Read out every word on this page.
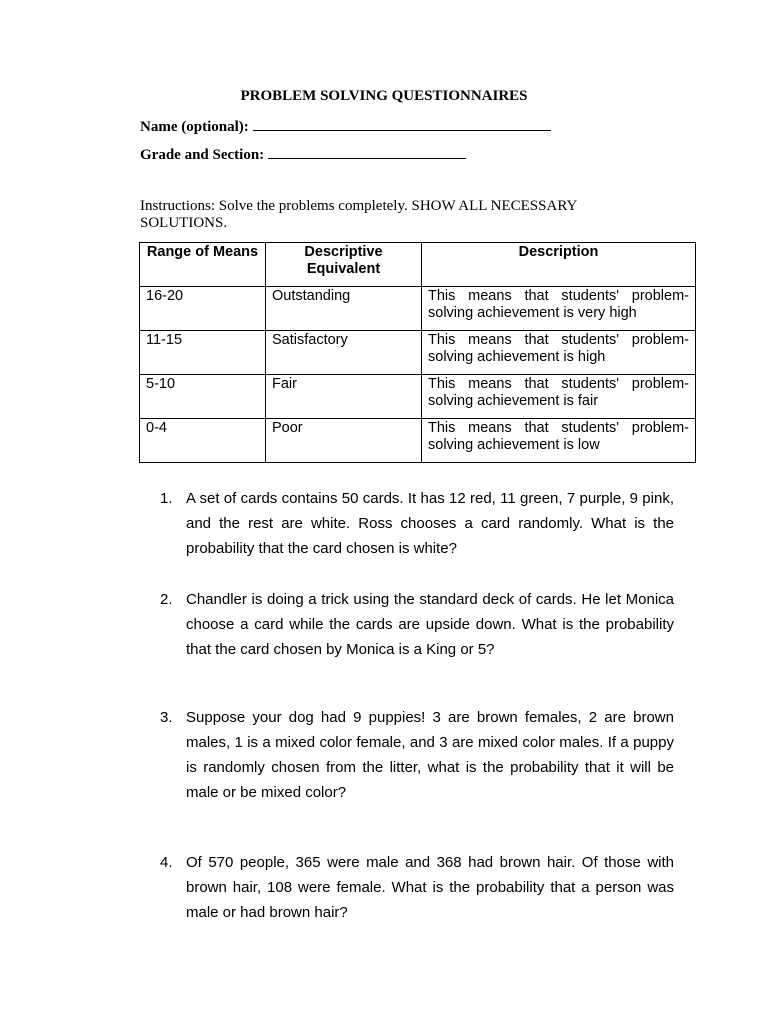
PROBLEM SOLVING QUESTIONNAIRES
Name (optional):
Grade and Section:
Instructions: Solve the problems completely. SHOW ALL NECESSARY SOLUTIONS.
Range of Means	Descriptive Equivalent	Description
16-20	Outstanding	This means that students' problem-solving achievement is very high
11-15	Satisfactory	This means that students' problem-solving achievement is high
5-10	Fair	This means that students' problem-solving achievement is fair
0-4	Poor	This means that students' problem-solving achievement is low
1. A set of cards contains 50 cards. It has 12 red, 11 green, 7 purple, 9 pink, and the rest are white. Ross chooses a card randomly. What is the probability that the card chosen is white?
2. Chandler is doing a trick using the standard deck of cards. He let Monica choose a card while the cards are upside down. What is the probability that the card chosen by Monica is a King or 5?
3. Suppose your dog had 9 puppies! 3 are brown females, 2 are brown males, 1 is a mixed color female, and 3 are mixed color males. If a puppy is randomly chosen from the litter, what is the probability that it will be male or be mixed color?
4. Of 570 people, 365 were male and 368 had brown hair. Of those with brown hair, 108 were female. What is the probability that a person was male or had brown hair?
